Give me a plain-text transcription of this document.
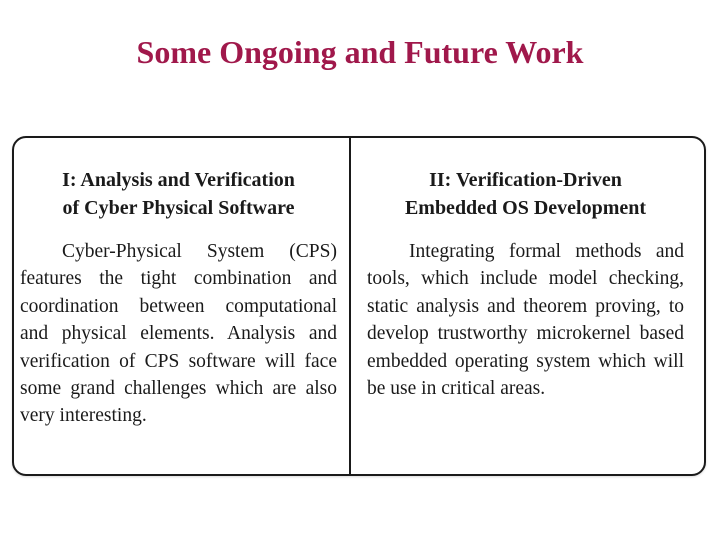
Some Ongoing and Future Work
I: Analysis and Verification
of Cyber Physical Software

Cyber-Physical System (CPS) features the tight combination and coordination between computational and physical elements. Analysis and verification of CPS software will face some grand challenges which are also very interesting.

II: Verification-Driven
Embedded OS Development

Integrating formal methods and tools, which include model checking, static analysis and theorem proving, to develop trustworthy microkernel based embedded operating system which will be use in critical areas.
